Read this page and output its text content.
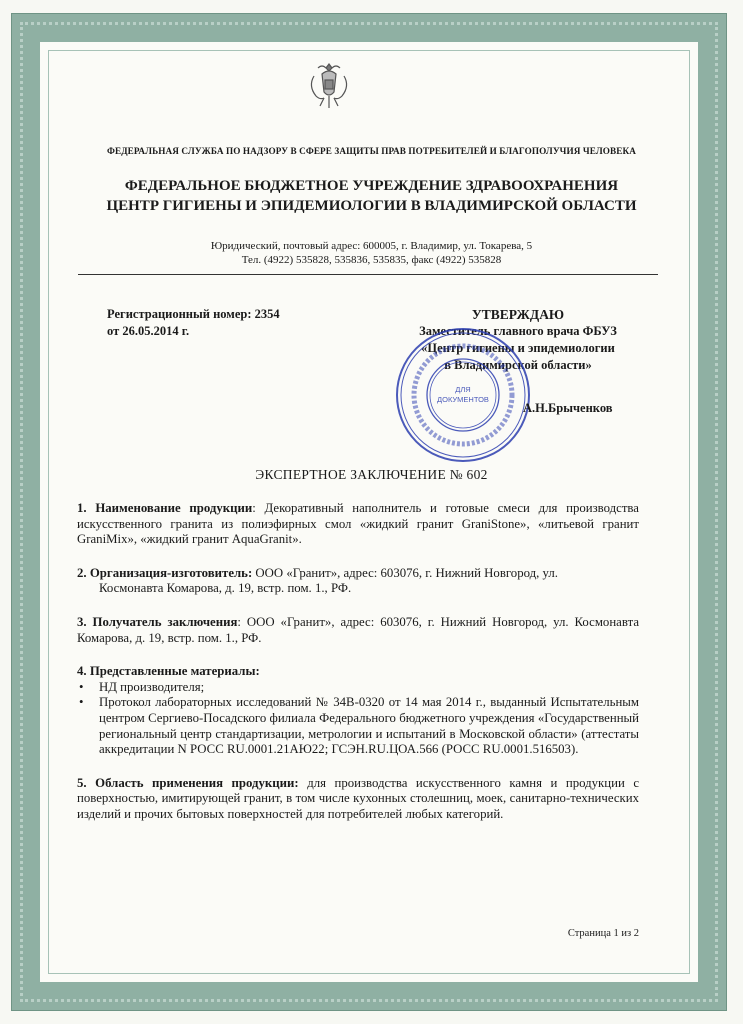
ФЕДЕРАЛЬНАЯ СЛУЖБА ПО НАДЗОРУ В СФЕРЕ ЗАЩИТЫ ПРАВ ПОТРЕБИТЕЛЕЙ И БЛАГОПОЛУЧИЯ ЧЕЛОВЕКА
ФЕДЕРАЛЬНОЕ БЮДЖЕТНОЕ УЧРЕЖДЕНИЕ ЗДРАВООХРАНЕНИЯ
ЦЕНТР ГИГИЕНЫ И ЭПИДЕМИОЛОГИИ В ВЛАДИМИРСКОЙ ОБЛАСТИ
Юридический, почтовый адрес: 600005, г. Владимир, ул. Токарева, 5
Тел. (4922) 535828, 535836, 535835, факс (4922) 535828
Регистрационный номер: 2354
от 26.05.2014 г.
УТВЕРЖДАЮ
Заместитель главного врача ФБУЗ
«Центр гигиены и эпидемиологии
в Владимирской области»
ДЛЯ
ДОКУМЕНТОВ
А.Н.Брыченков
ЭКСПЕРТНОЕ ЗАКЛЮЧЕНИЕ № 602

1. Наименование продукции: Декоративный наполнитель и готовые смеси для производства искусственного гранита из полиэфирных смол «жидкий гранит GraniStone», «литьевой гранит GraniMix», «жидкий гранит AquaGranit».

2. Организация-изготовитель: ООО «Гранит», адрес: 603076, г. Нижний Новгород, ул.
Космонавта Комарова, д. 19, встр. пом. 1., РФ.

3. Получатель заключения: ООО «Гранит», адрес: 603076, г. Нижний Новгород, ул. Космонавта Комарова, д. 19, встр. пом. 1., РФ.

4. Представленные материалы:
• НД производителя;
• Протокол лабораторных исследований № 34В-0320 от 14 мая 2014 г., выданный Испытательным центром Сергиево-Посадского филиала Федерального бюджетного учреждения «Государственный региональный центр стандартизации, метрологии и испытаний в Московской области» (аттестаты аккредитации N РОСС RU.0001.21АЮ22; ГСЭН.RU.ЦОА.566 (РОСС RU.0001.516503).

5. Область применения продукции: для производства искусственного камня и продукции с поверхностью, имитирующей гранит, в том числе кухонных столешниц, моек, санитарно-технических изделий и прочих бытовых поверхностей для потребителей любых категорий.

Страница 1 из 2
